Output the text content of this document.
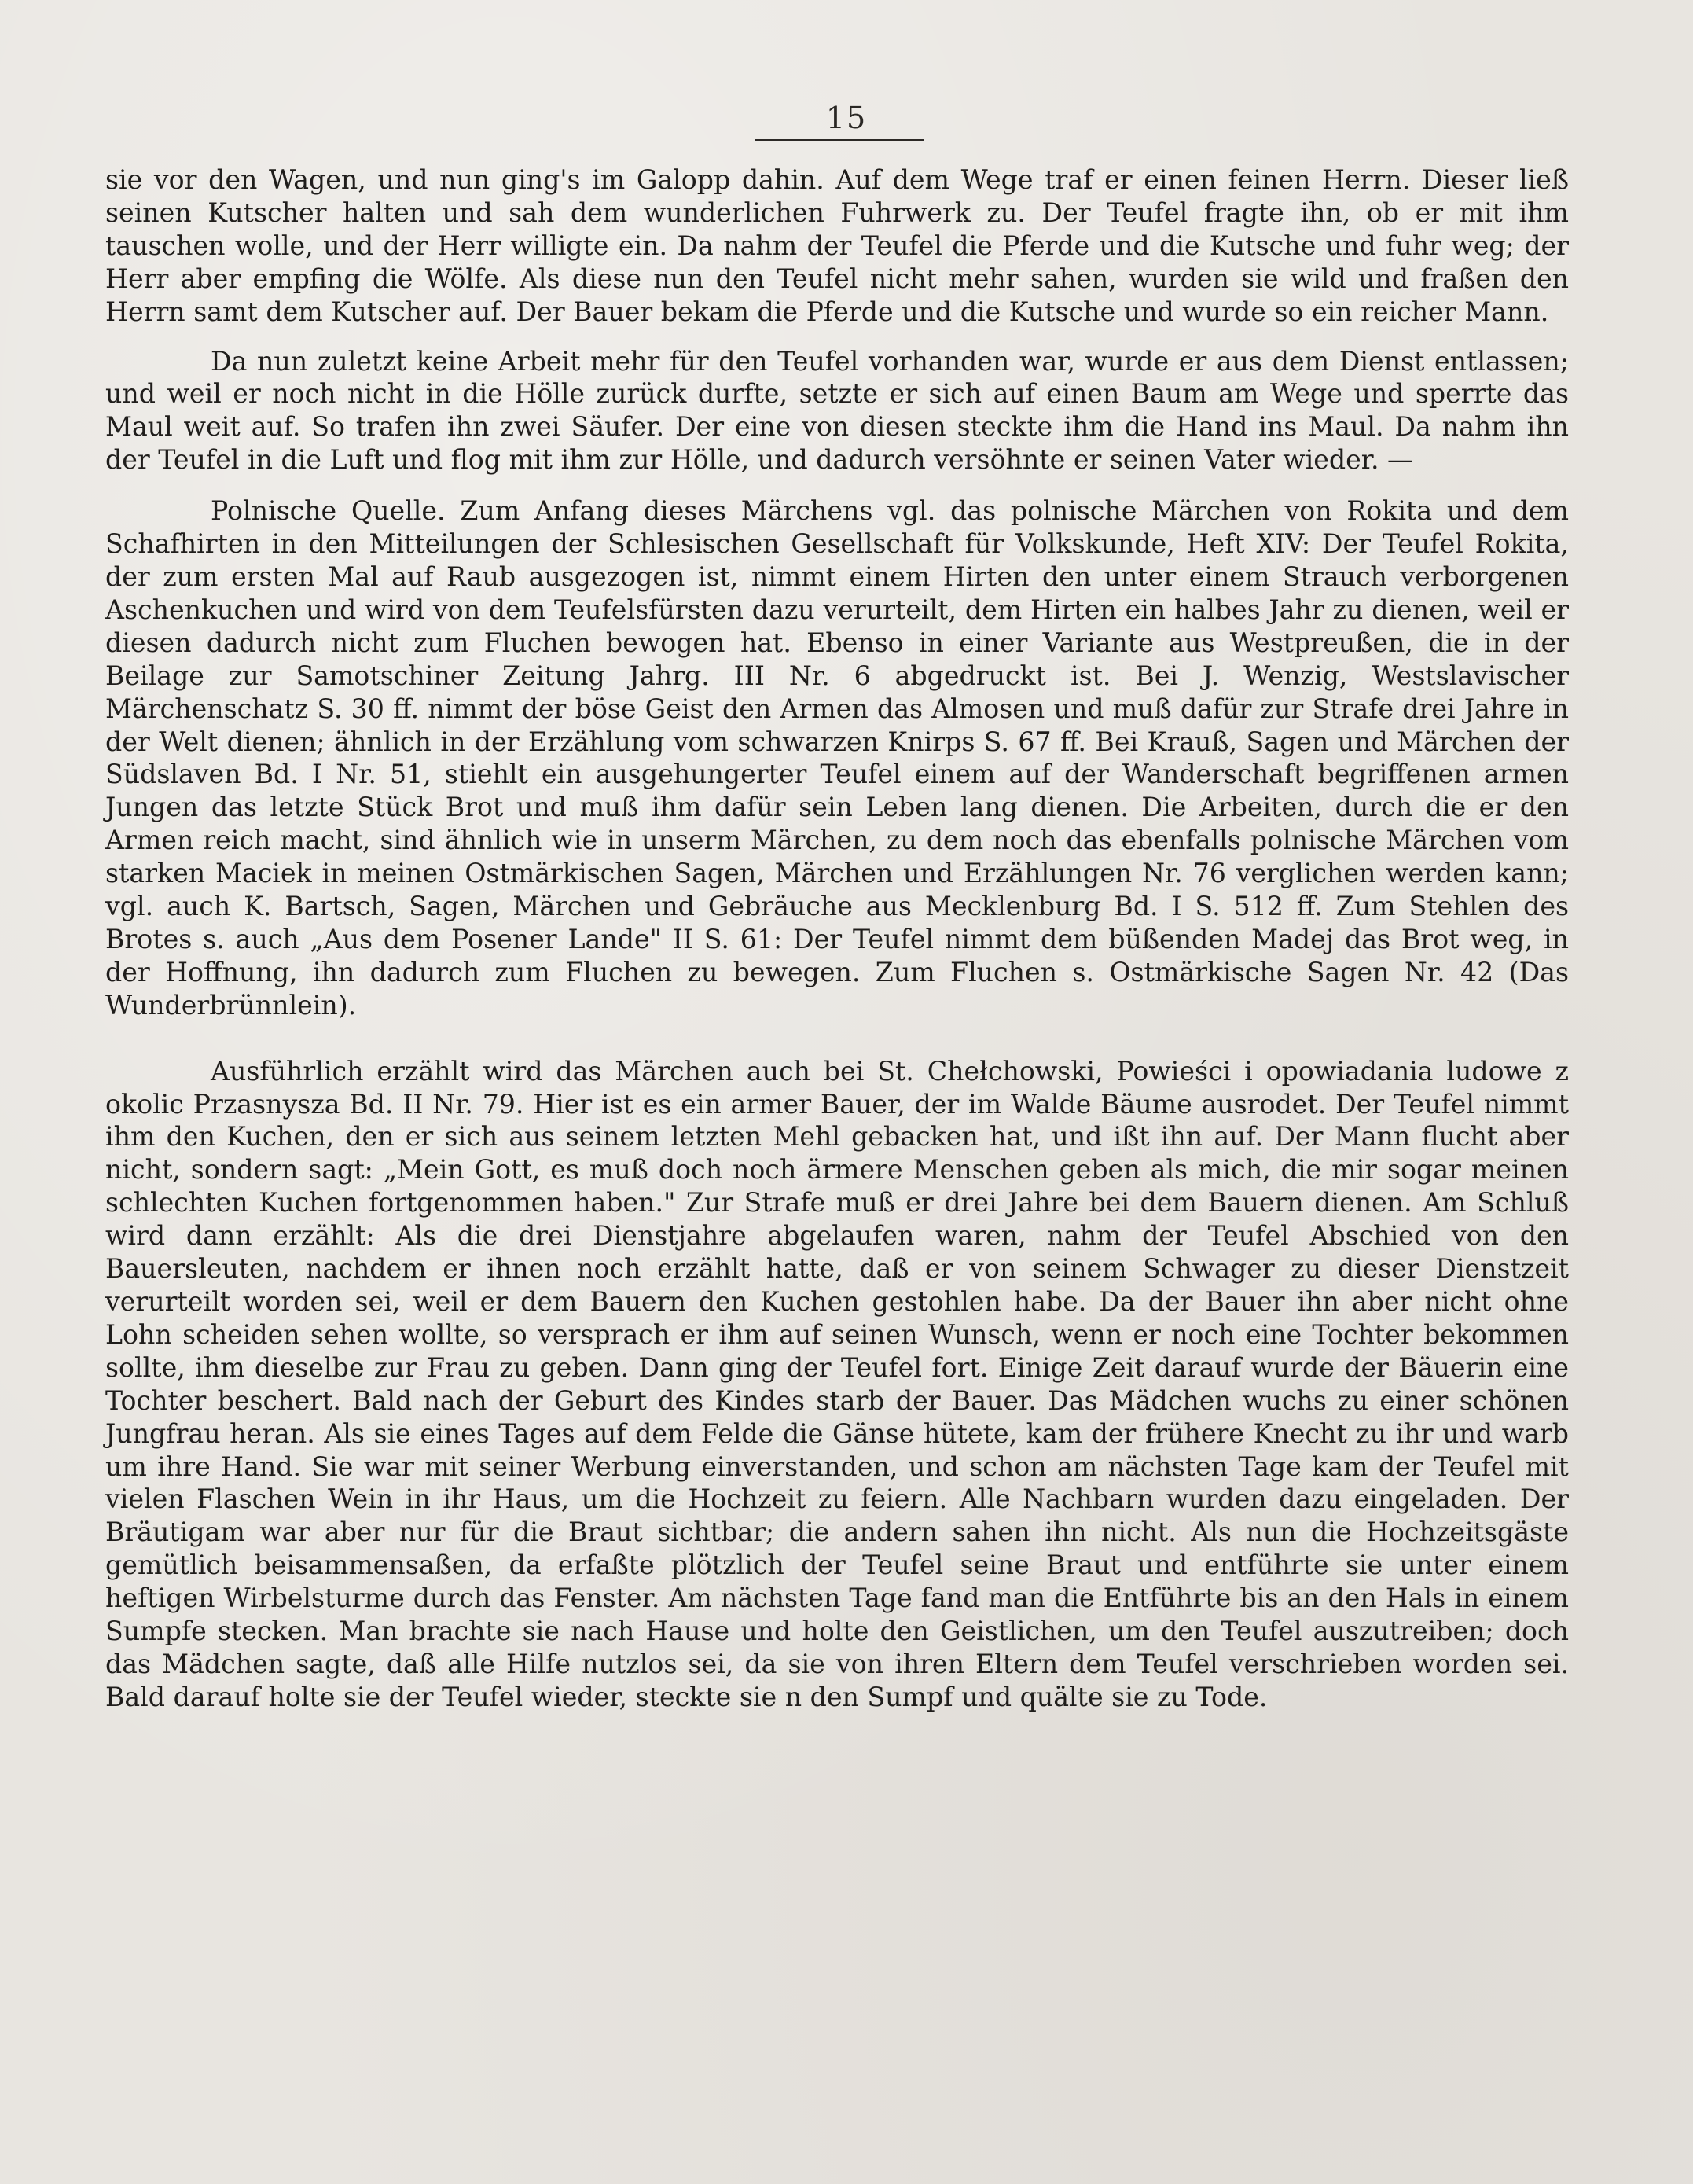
15

sie vor den Wagen, und nun ging's im Galopp dahin. Auf dem Wege traf er einen feinen Herrn. Dieser ließ seinen Kutscher halten und sah dem wunderlichen Fuhrwerk zu. Der Teufel fragte ihn, ob er mit ihm tauschen wolle, und der Herr willigte ein. Da nahm der Teufel die Pferde und die Kutsche und fuhr weg; der Herr aber empfing die Wölfe. Als diese nun den Teufel nicht mehr sahen, wurden sie wild und fraßen den Herrn samt dem Kutscher auf. Der Bauer bekam die Pferde und die Kutsche und wurde so ein reicher Mann.

Da nun zuletzt keine Arbeit mehr für den Teufel vorhanden war, wurde er aus dem Dienst entlassen; und weil er noch nicht in die Hölle zurück durfte, setzte er sich auf einen Baum am Wege und sperrte das Maul weit auf. So trafen ihn zwei Säufer. Der eine von diesen steckte ihm die Hand ins Maul. Da nahm ihn der Teufel in die Luft und flog mit ihm zur Hölle, und dadurch versöhnte er seinen Vater wieder. —

Polnische Quelle. Zum Anfang dieses Märchens vgl. das polnische Märchen von Rokita und dem Schafhirten in den Mitteilungen der Schlesischen Gesellschaft für Volkskunde, Heft XIV: Der Teufel Rokita, der zum ersten Mal auf Raub ausgezogen ist, nimmt einem Hirten den unter einem Strauch verborgenen Aschenkuchen und wird von dem Teufelsfürsten dazu verurteilt, dem Hirten ein halbes Jahr zu dienen, weil er diesen dadurch nicht zum Fluchen bewogen hat. Ebenso in einer Variante aus Westpreußen, die in der Beilage zur Samotschiner Zeitung Jahrg. III Nr. 6 abgedruckt ist. Bei J. Wenzig, Westslavischer Märchenschatz S. 30 ff. nimmt der böse Geist den Armen das Almosen und muß dafür zur Strafe drei Jahre in der Welt dienen; ähnlich in der Erzählung vom schwarzen Knirps S. 67 ff. Bei Krauß, Sagen und Märchen der Südslaven Bd. I Nr. 51, stiehlt ein ausgehungerter Teufel einem auf der Wanderschaft begriffenen armen Jungen das letzte Stück Brot und muß ihm dafür sein Leben lang dienen. Die Arbeiten, durch die er den Armen reich macht, sind ähnlich wie in unserm Märchen, zu dem noch das ebenfalls polnische Märchen vom starken Maciek in meinen Ostmärkischen Sagen, Märchen und Erzählungen Nr. 76 verglichen werden kann; vgl. auch K. Bartsch, Sagen, Märchen und Gebräuche aus Mecklenburg Bd. I S. 512 ff. Zum Stehlen des Brotes s. auch „Aus dem Posener Lande" II S. 61: Der Teufel nimmt dem büßenden Madej das Brot weg, in der Hoffnung, ihn dadurch zum Fluchen zu bewegen. Zum Fluchen s. Ostmärkische Sagen Nr. 42 (Das Wunderbrünnlein).

Ausführlich erzählt wird das Märchen auch bei St. Chełchowski, Powieści i opowiadania ludowe z okolic Przasnysza Bd. II Nr. 79. Hier ist es ein armer Bauer, der im Walde Bäume ausrodet. Der Teufel nimmt ihm den Kuchen, den er sich aus seinem letzten Mehl gebacken hat, und ißt ihn auf. Der Mann flucht aber nicht, sondern sagt: „Mein Gott, es muß doch noch ärmere Menschen geben als mich, die mir sogar meinen schlechten Kuchen fortgenommen haben." Zur Strafe muß er drei Jahre bei dem Bauern dienen. Am Schluß wird dann erzählt: Als die drei Dienstjahre abgelaufen waren, nahm der Teufel Abschied von den Bauersleuten, nachdem er ihnen noch erzählt hatte, daß er von seinem Schwager zu dieser Dienstzeit verurteilt worden sei, weil er dem Bauern den Kuchen gestohlen habe. Da der Bauer ihn aber nicht ohne Lohn scheiden sehen wollte, so versprach er ihm auf seinen Wunsch, wenn er noch eine Tochter bekommen sollte, ihm dieselbe zur Frau zu geben. Dann ging der Teufel fort. Einige Zeit darauf wurde der Bäuerin eine Tochter beschert. Bald nach der Geburt des Kindes starb der Bauer. Das Mädchen wuchs zu einer schönen Jungfrau heran. Als sie eines Tages auf dem Felde die Gänse hütete, kam der frühere Knecht zu ihr und warb um ihre Hand. Sie war mit seiner Werbung einverstanden, und schon am nächsten Tage kam der Teufel mit vielen Flaschen Wein in ihr Haus, um die Hochzeit zu feiern. Alle Nachbarn wurden dazu eingeladen. Der Bräutigam war aber nur für die Braut sichtbar; die andern sahen ihn nicht. Als nun die Hochzeitsgäste gemütlich beisammensaßen, da erfaßte plötzlich der Teufel seine Braut und entführte sie unter einem heftigen Wirbelsturme durch das Fenster. Am nächsten Tage fand man die Entführte bis an den Hals in einem Sumpfe stecken. Man brachte sie nach Hause und holte den Geistlichen, um den Teufel auszutreiben; doch das Mädchen sagte, daß alle Hilfe nutzlos sei, da sie von ihren Eltern dem Teufel verschrieben worden sei. Bald darauf holte sie der Teufel wieder, steckte sie n den Sumpf und quälte sie zu Tode.
